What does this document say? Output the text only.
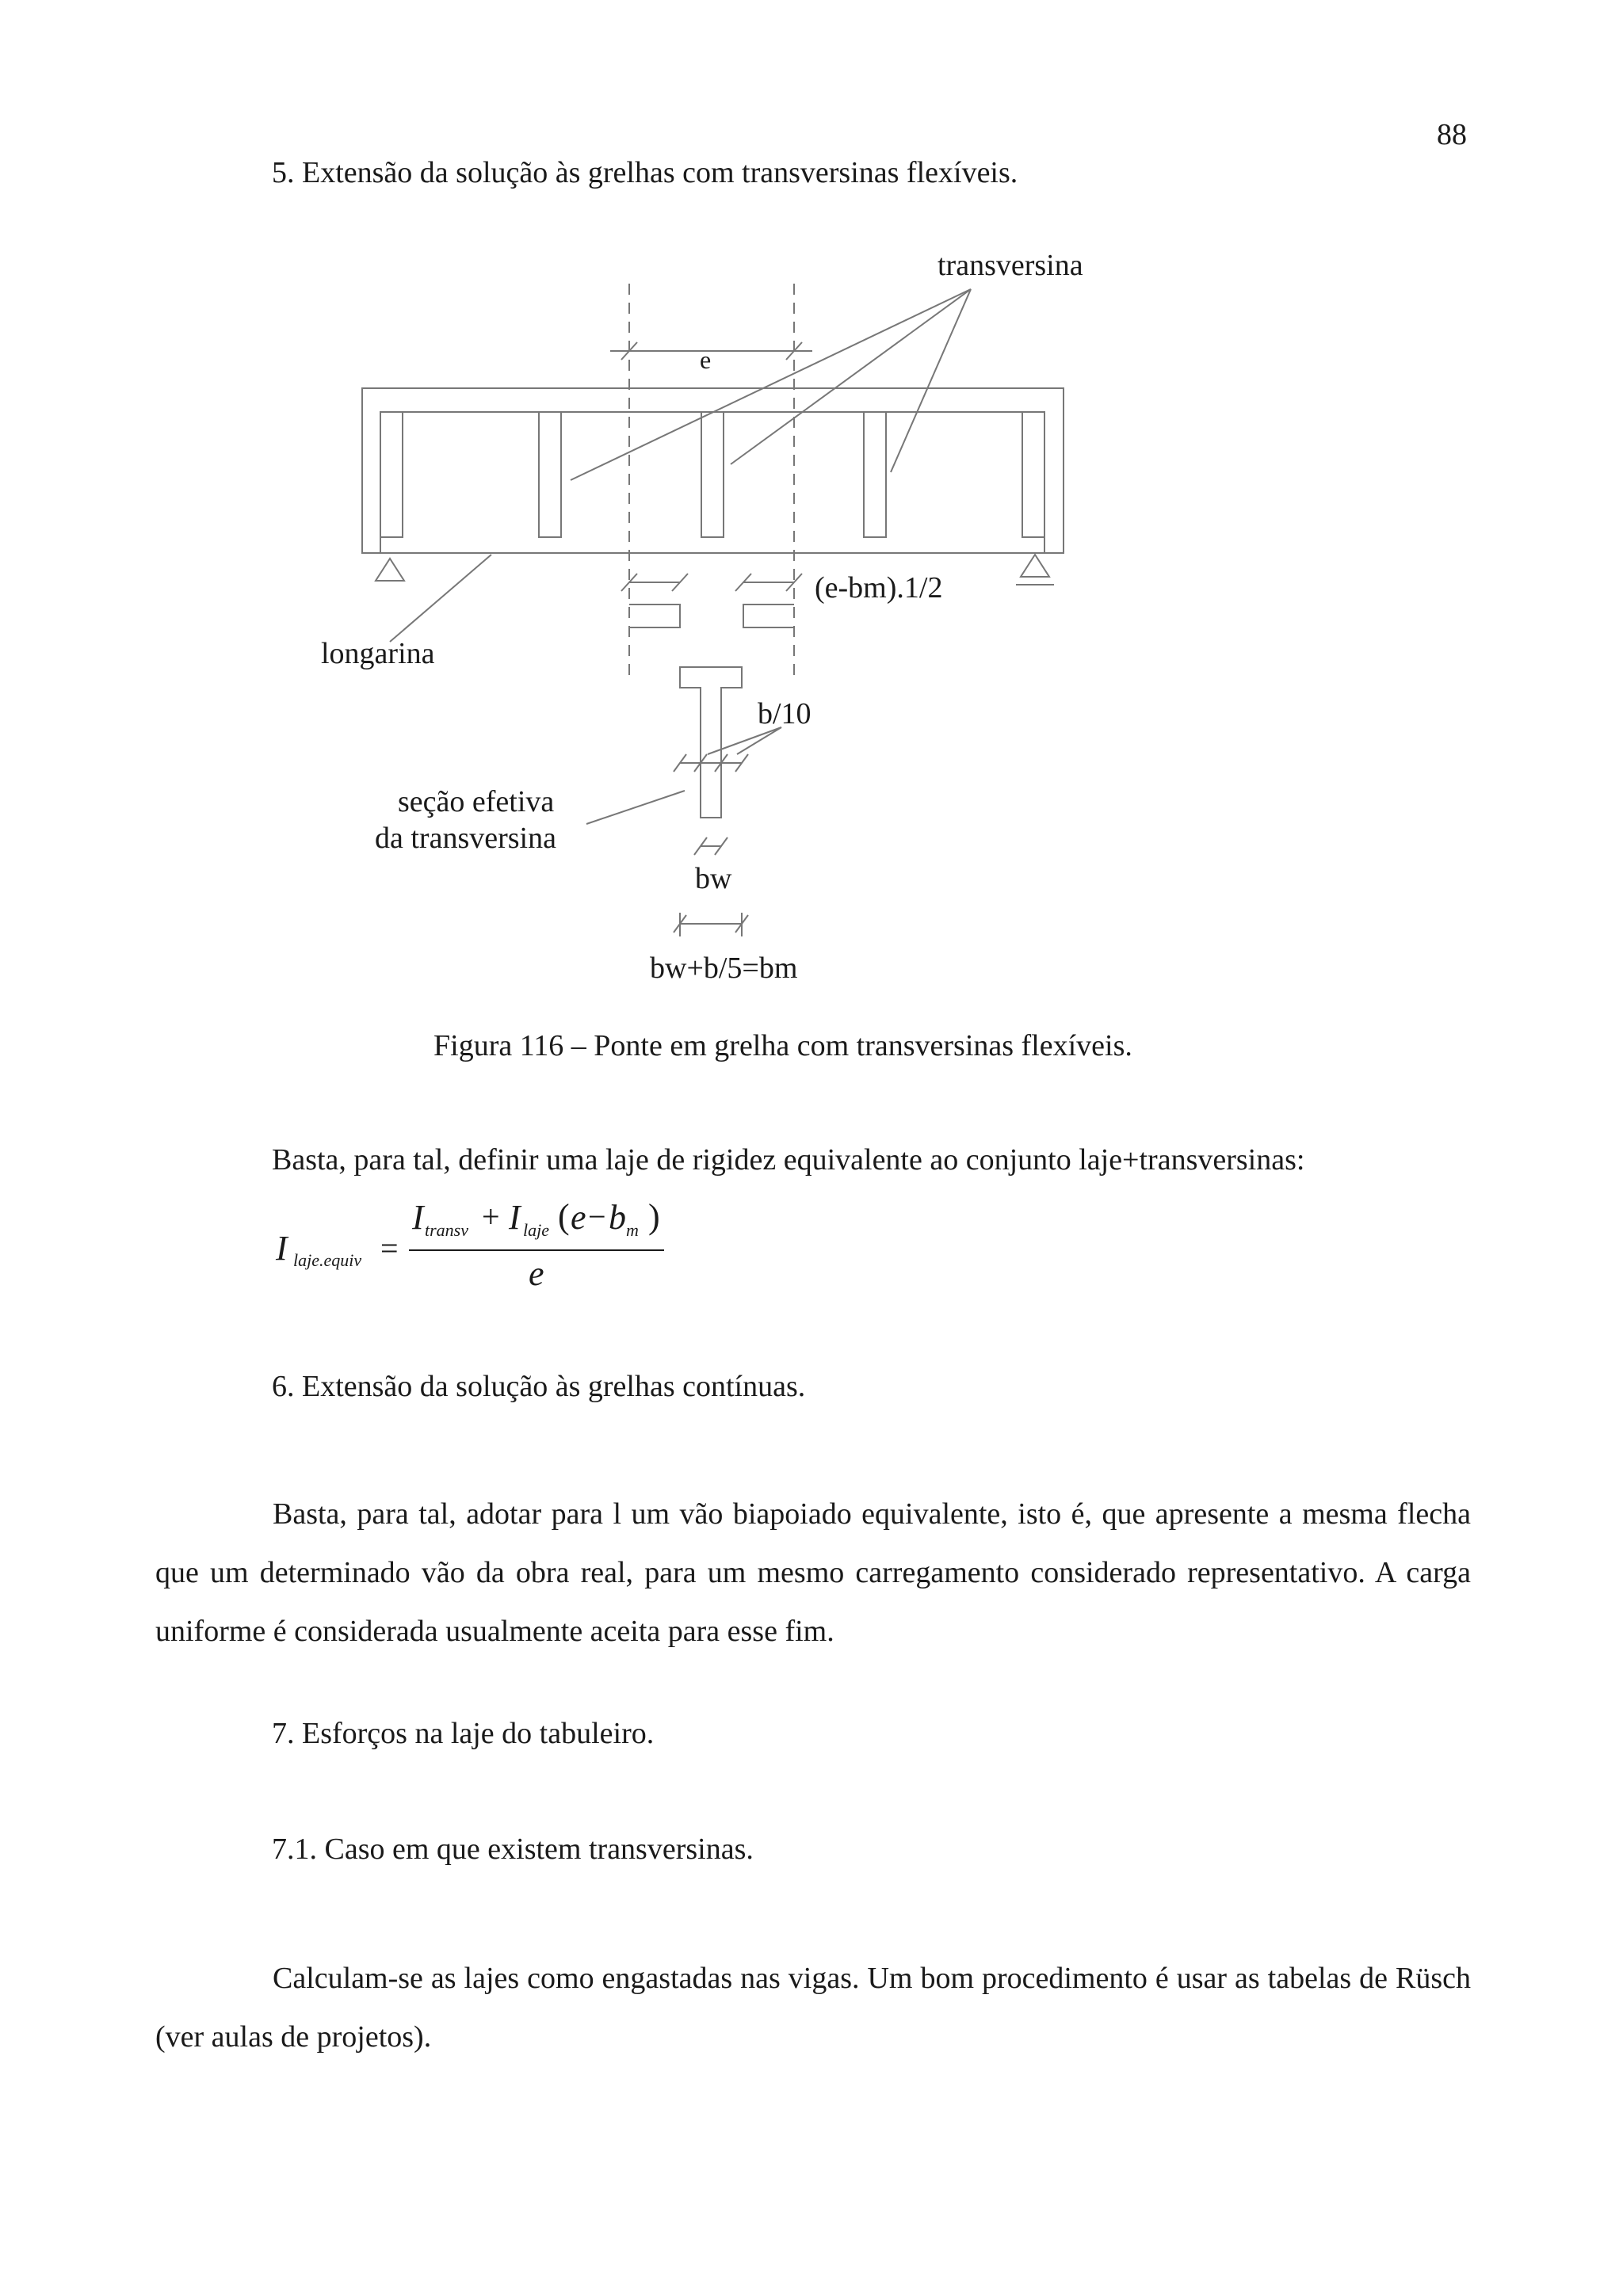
88
5. Extensão da solução às grelhas com transversinas flexíveis.
transversina
e
(e-bm).1/2
longarina
b/10
seção efetiva
da transversina
bw
bw+b/5=bm
Figura 116 – Ponte em grelha com transversinas flexíveis.
Basta, para tal, definir uma laje de rigidez equivalente ao conjunto laje+transversinas:
I laje.equiv =
I transv + I laje ( e − b m )
e
6. Extensão da solução às grelhas contínuas.
Basta, para tal, adotar para l um vão biapoiado equivalente, isto é, que apresente a mesma flecha que um determinado vão da obra real, para um mesmo carregamento considerado representativo. A carga uniforme é considerada usualmente aceita para esse fim.
7. Esforços na laje do tabuleiro.
7.1. Caso em que existem transversinas.
Calculam-se as lajes como engastadas nas vigas. Um bom procedimento é usar as tabelas de Rüsch (ver aulas de projetos).
